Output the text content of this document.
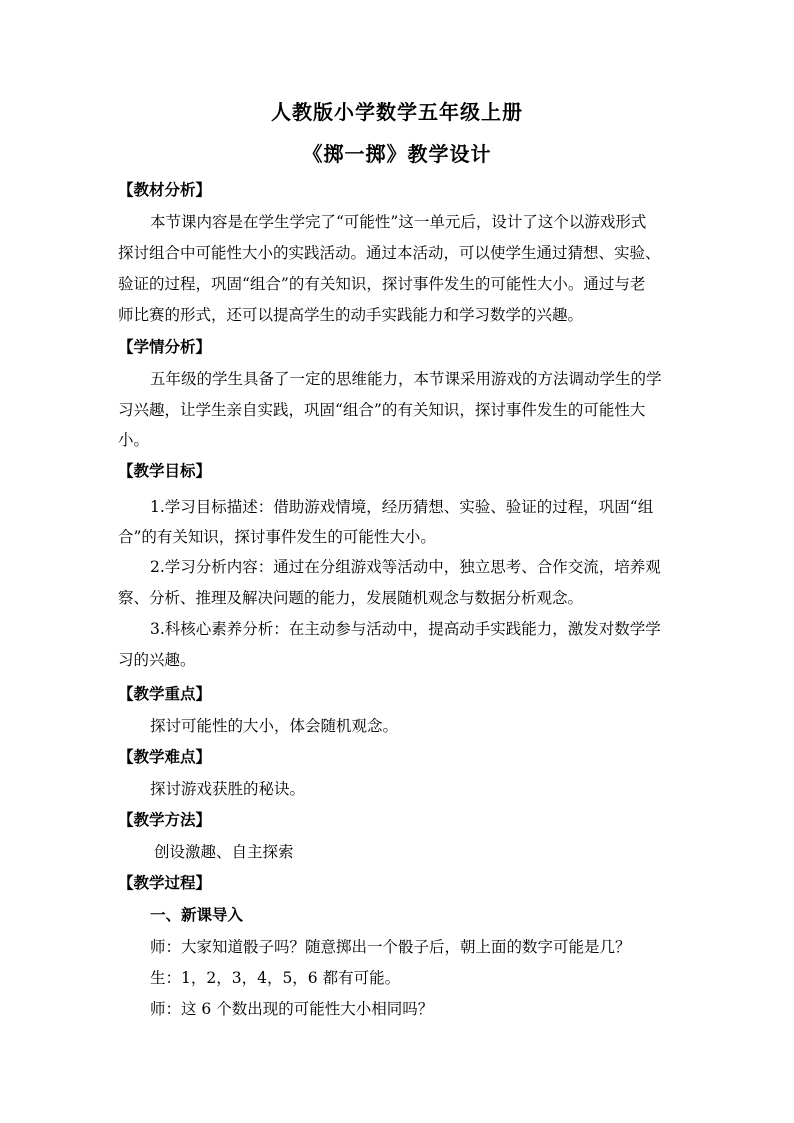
人教版小学数学五年级上册
《掷一掷》教学设计
【教材分析】
本节课内容是在学生学完了“可能性”这一单元后，设计了这个以游戏形式
探讨组合中可能性大小的实践活动。通过本活动，可以使学生通过猜想、实验、
验证的过程，巩固“组合”的有关知识，探讨事件发生的可能性大小。通过与老
师比赛的形式，还可以提高学生的动手实践能力和学习数学的兴趣。
【学情分析】
五年级的学生具备了一定的思维能力，本节课采用游戏的方法调动学生的学
习兴趣，让学生亲自实践，巩固“组合”的有关知识，探讨事件发生的可能性大
小。
【教学目标】
1.学习目标描述：借助游戏情境，经历猜想、实验、验证的过程，巩固“组
合”的有关知识，探讨事件发生的可能性大小。
2.学习分析内容：通过在分组游戏等活动中，独立思考、合作交流，培养观
察、分析、推理及解决问题的能力，发展随机观念与数据分析观念。
3.科核心素养分析：在主动参与活动中，提高动手实践能力，激发对数学学
习的兴趣。
【教学重点】
探讨可能性的大小，体会随机观念。
【教学难点】
探讨游戏获胜的秘诀。
【教学方法】
创设激趣、自主探索
【教学过程】
一、新课导入
师：大家知道骰子吗？随意掷出一个骰子后，朝上面的数字可能是几？
生：1，2，3，4，5，6 都有可能。
师：这 6 个数出现的可能性大小相同吗？
